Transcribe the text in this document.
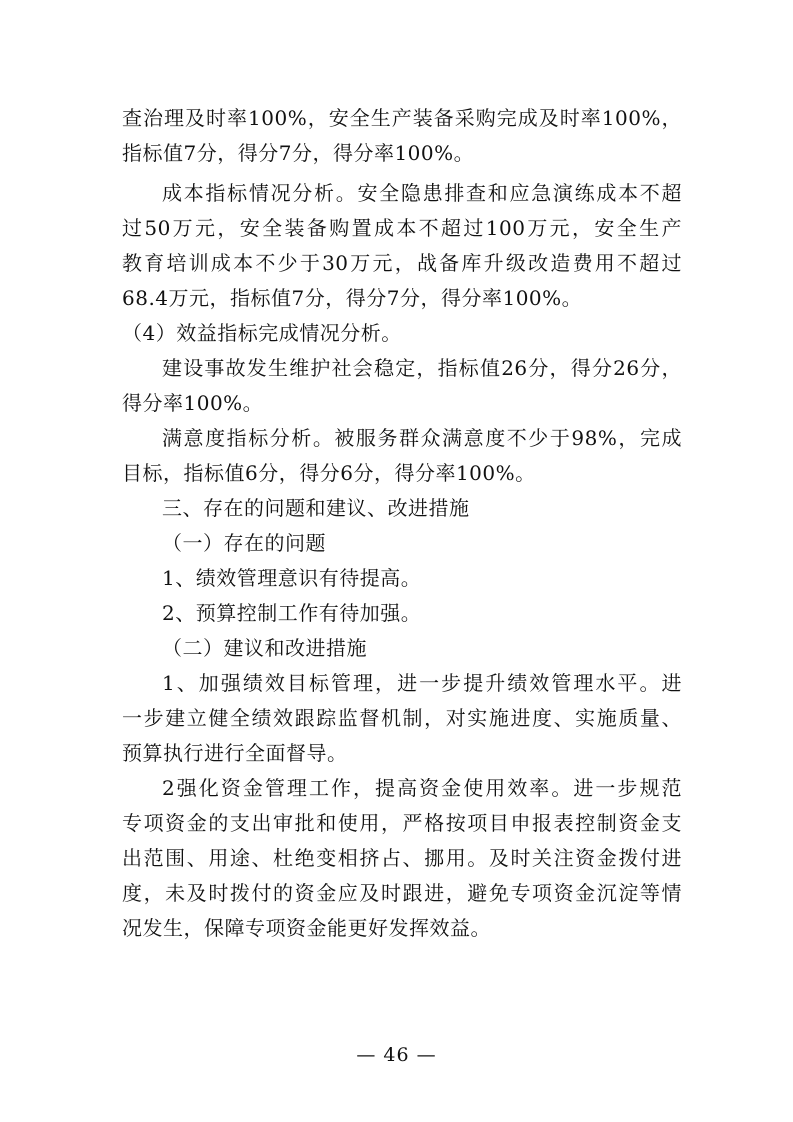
查治理及时率100%，安全生产装备采购完成及时率100%，
指标值7分，得分7分，得分率100%。
成本指标情况分析。安全隐患排查和应急演练成本不超
过50万元，安全装备购置成本不超过100万元，安全生产
教育培训成本不少于30万元，战备库升级改造费用不超过
68.4万元，指标值7分，得分7分，得分率100%。
（4）效益指标完成情况分析。
建设事故发生维护社会稳定，指标值26分，得分26分，
得分率100%。
满意度指标分析。被服务群众满意度不少于98%，完成
目标，指标值6分，得分6分，得分率100%。
三、存在的问题和建议、改进措施
（一）存在的问题
1、绩效管理意识有待提高。
2、预算控制工作有待加强。
（二）建议和改进措施
1、加强绩效目标管理，进一步提升绩效管理水平。进
一步建立健全绩效跟踪监督机制，对实施进度、实施质量、
预算执行进行全面督导。
2强化资金管理工作，提高资金使用效率。进一步规范
专项资金的支出审批和使用，严格按项目申报表控制资金支
出范围、用途、杜绝变相挤占、挪用。及时关注资金拨付进
度，未及时拨付的资金应及时跟进，避免专项资金沉淀等情
况发生，保障专项资金能更好发挥效益。
— 46 —
